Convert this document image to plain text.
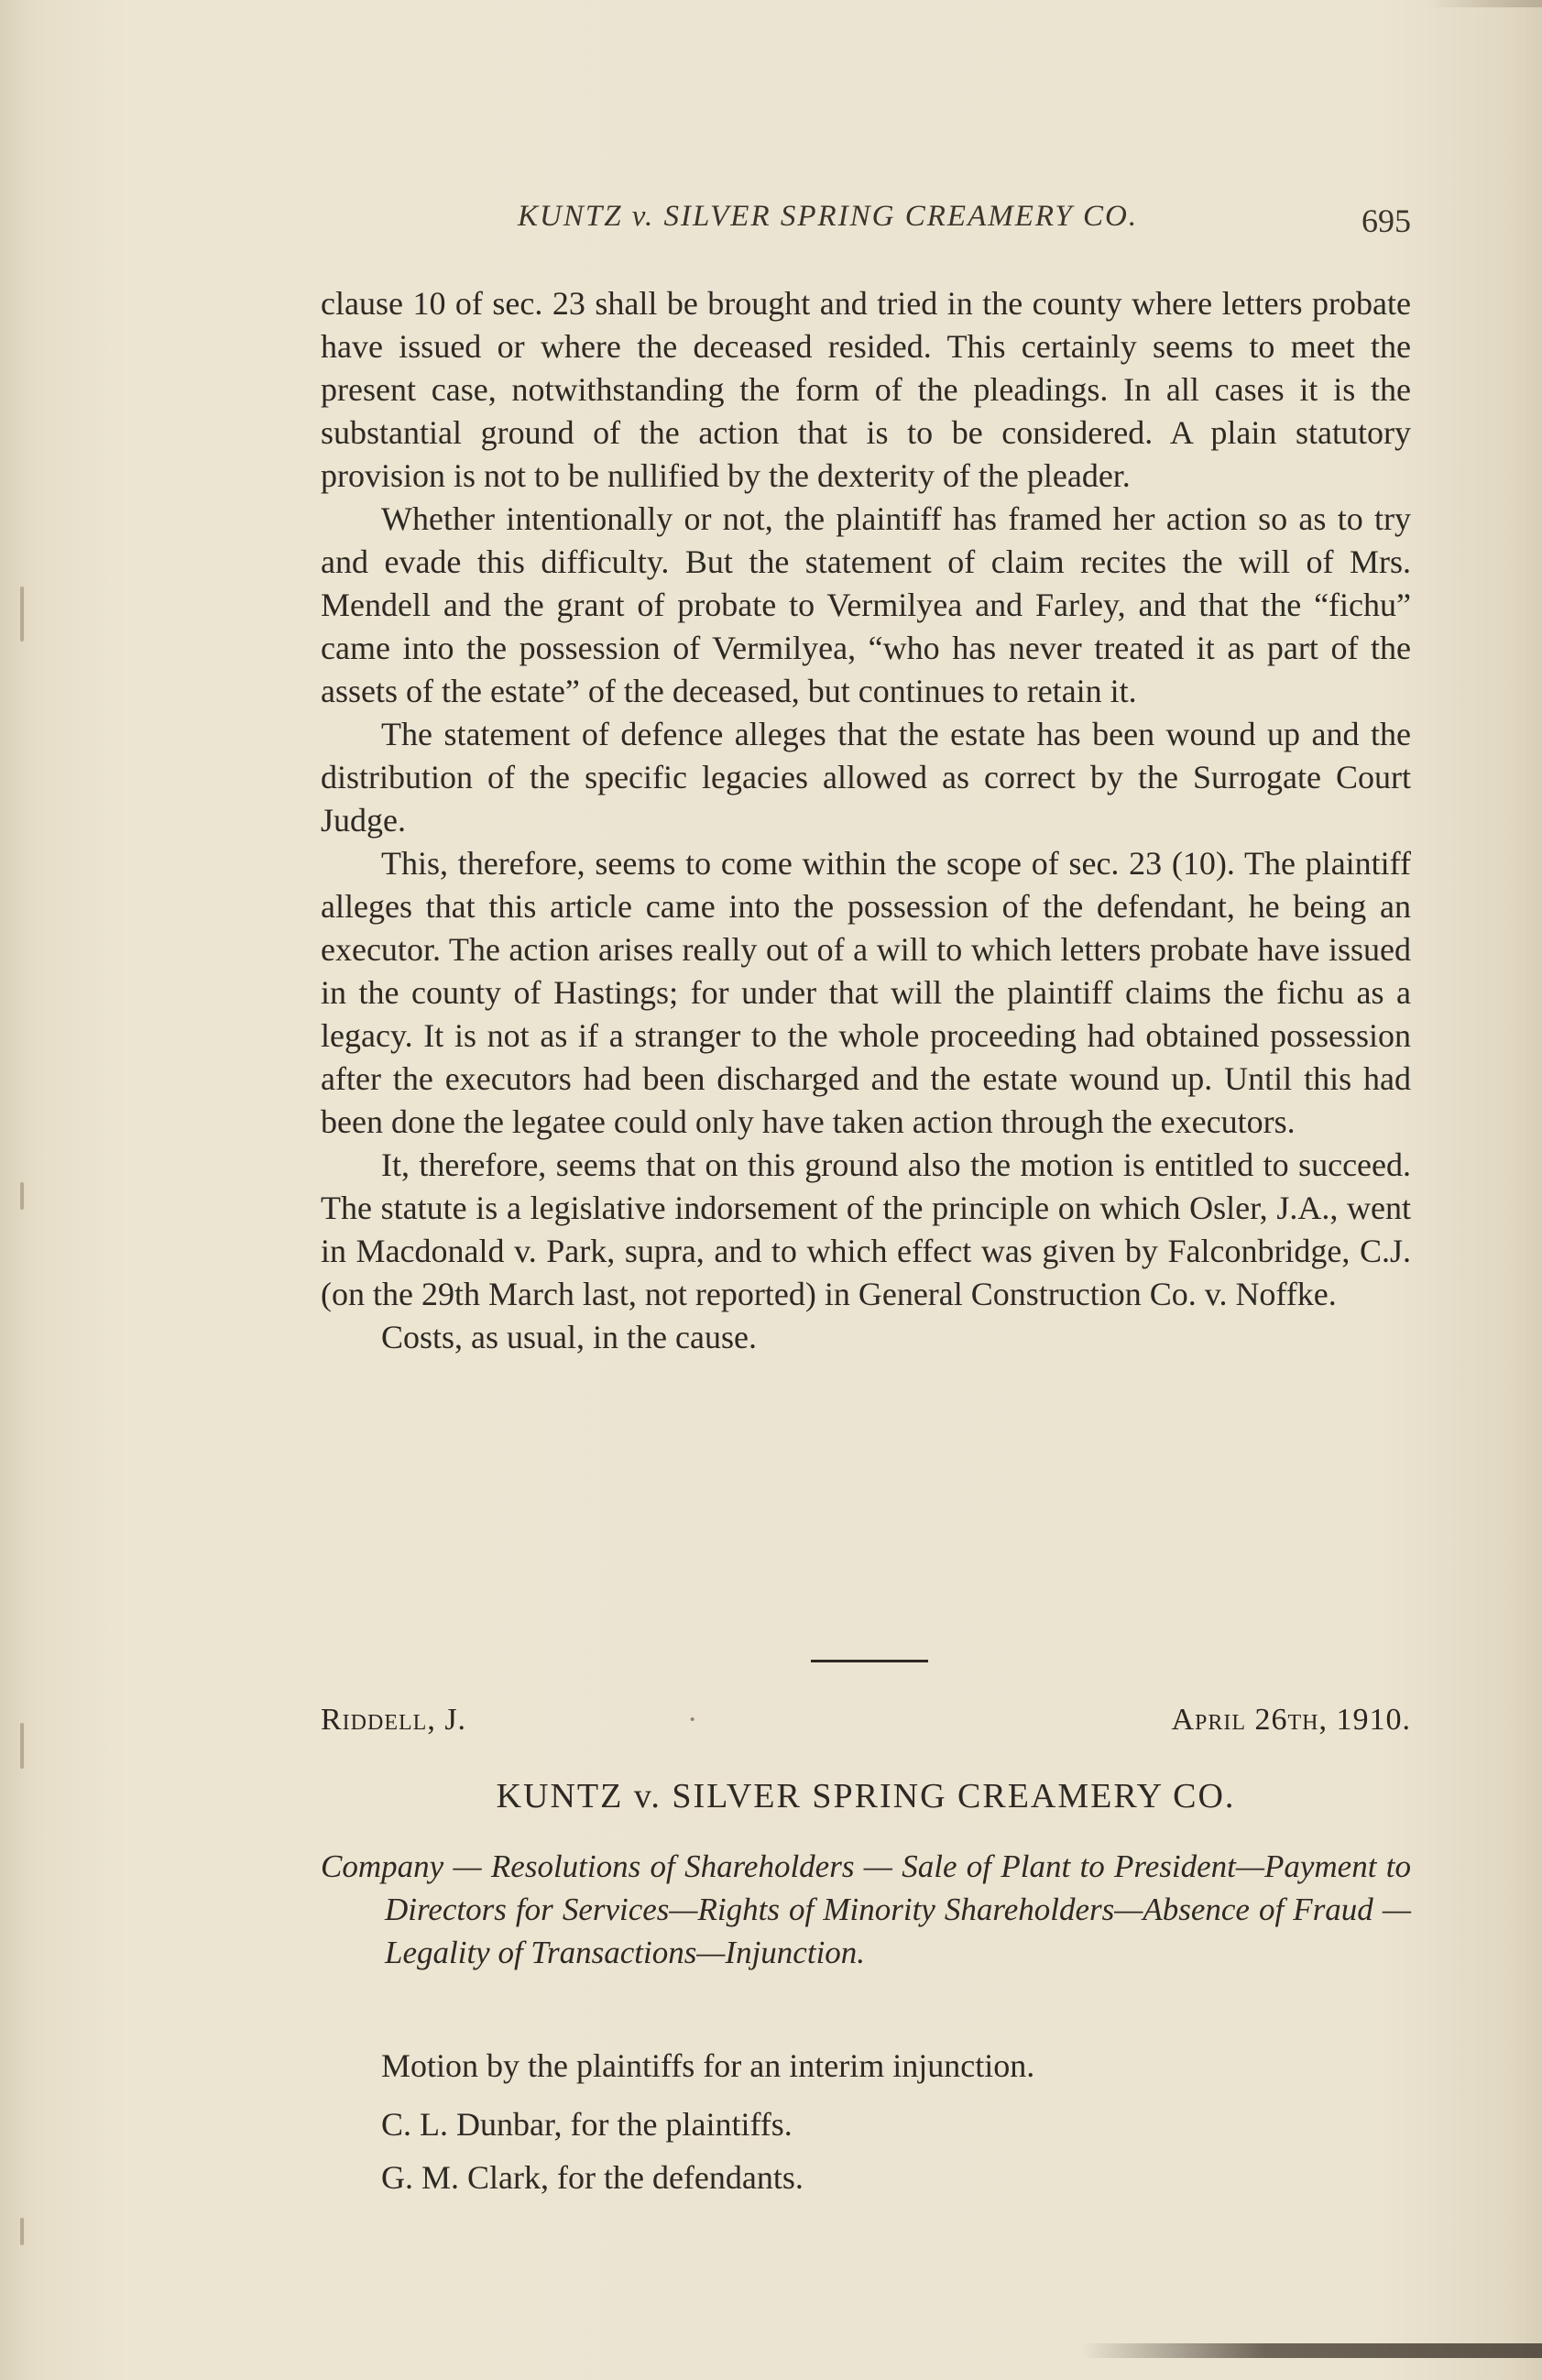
KUNTZ v. SILVER SPRING CREAMERY CO.	695

clause 10 of sec. 23 shall be brought and tried in the county where letters probate have issued or where the deceased resided. This certainly seems to meet the present case, notwithstanding the form of the pleadings. In all cases it is the substantial ground of the action that is to be considered. A plain statutory provision is not to be nullified by the dexterity of the pleader.

Whether intentionally or not, the plaintiff has framed her action so as to try and evade this difficulty. But the statement of claim recites the will of Mrs. Mendell and the grant of probate to Vermilyea and Farley, and that the “fichu” came into the possession of Vermilyea, “who has never treated it as part of the assets of the estate” of the deceased, but continues to retain it.

The statement of defence alleges that the estate has been wound up and the distribution of the specific legacies allowed as correct by the Surrogate Court Judge.

This, therefore, seems to come within the scope of sec. 23 (10). The plaintiff alleges that this article came into the possession of the defendant, he being an executor. The action arises really out of a will to which letters probate have issued in the county of Hastings; for under that will the plaintiff claims the fichu as a legacy. It is not as if a stranger to the whole proceeding had obtained possession after the executors had been discharged and the estate wound up. Until this had been done the legatee could only have taken action through the executors.

It, therefore, seems that on this ground also the motion is entitled to succeed. The statute is a legislative indorsement of the principle on which Osler, J.A., went in Macdonald v. Park, supra, and to which effect was given by Falconbridge, C.J. (on the 29th March last, not reported) in General Construction Co. v. Noffke.

Costs, as usual, in the cause.

Riddell, J.	·	April 26th, 1910.
KUNTZ v. SILVER SPRING CREAMERY CO.
Company — Resolutions of Shareholders — Sale of Plant to President—Payment to Directors for Services—Rights of Minority Shareholders—Absence of Fraud — Legality of Transactions—Injunction.
Motion by the plaintiffs for an interim injunction.
C. L. Dunbar, for the plaintiffs.
G. M. Clark, for the defendants.
